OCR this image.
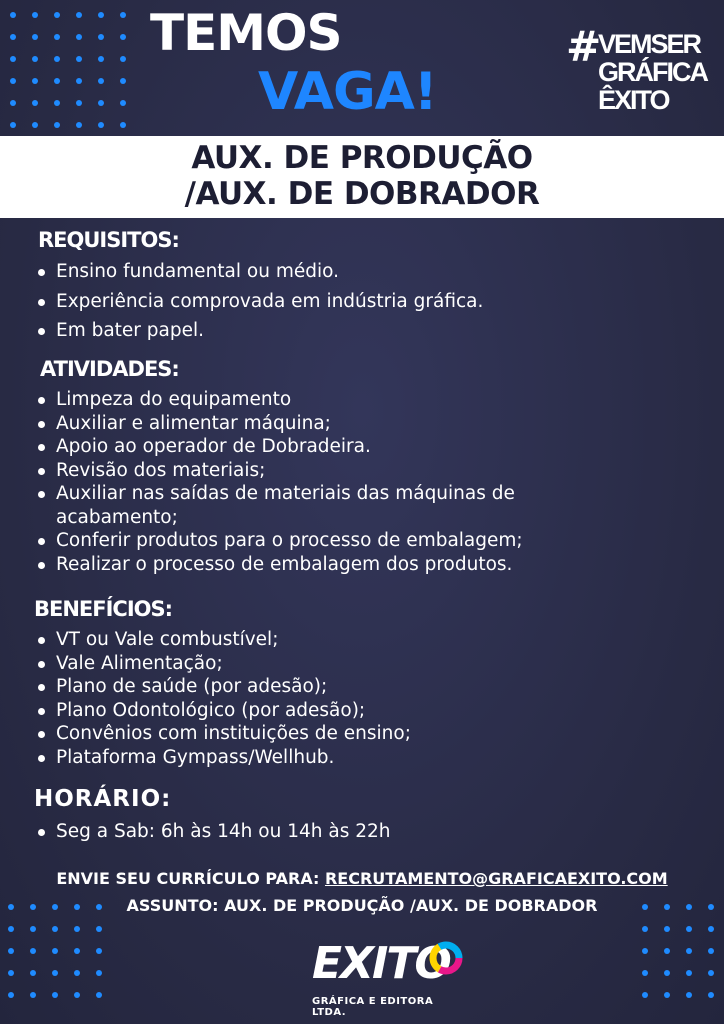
TEMOS
VAGA!
#
VEMSER
GRÁFICA
ÊXITO
AUX. DE PRODUÇÃO
/AUX. DE DOBRADOR
REQUISITOS:
Ensino fundamental ou médio.
Experiência comprovada em indústria gráfica.
Em bater papel.
ATIVIDADES:
Limpeza do equipamento
Auxiliar e alimentar máquina;
Apoio ao operador de Dobradeira.
Revisão dos materiais;
Auxiliar nas saídas de materiais das máquinas de acabamento;
Conferir produtos para o processo de embalagem;
Realizar o processo de embalagem dos produtos.
BENEFÍCIOS:
VT ou Vale combustível;
Vale Alimentação;
Plano de saúde (por adesão);
Plano Odontológico (por adesão);
Convênios com instituições de ensino;
Plataforma Gympass/Wellhub.
HORÁRIO:
Seg a Sab: 6h às 14h ou 14h às 22h
ENVIE SEU CURRÍCULO PARA: RECRUTAMENTO@GRAFICAEXITO.COM
ASSUNTO: AUX. DE PRODUÇÃO /AUX. DE DOBRADOR
EXITO
GRÁFICA E EDITORA LTDA.
